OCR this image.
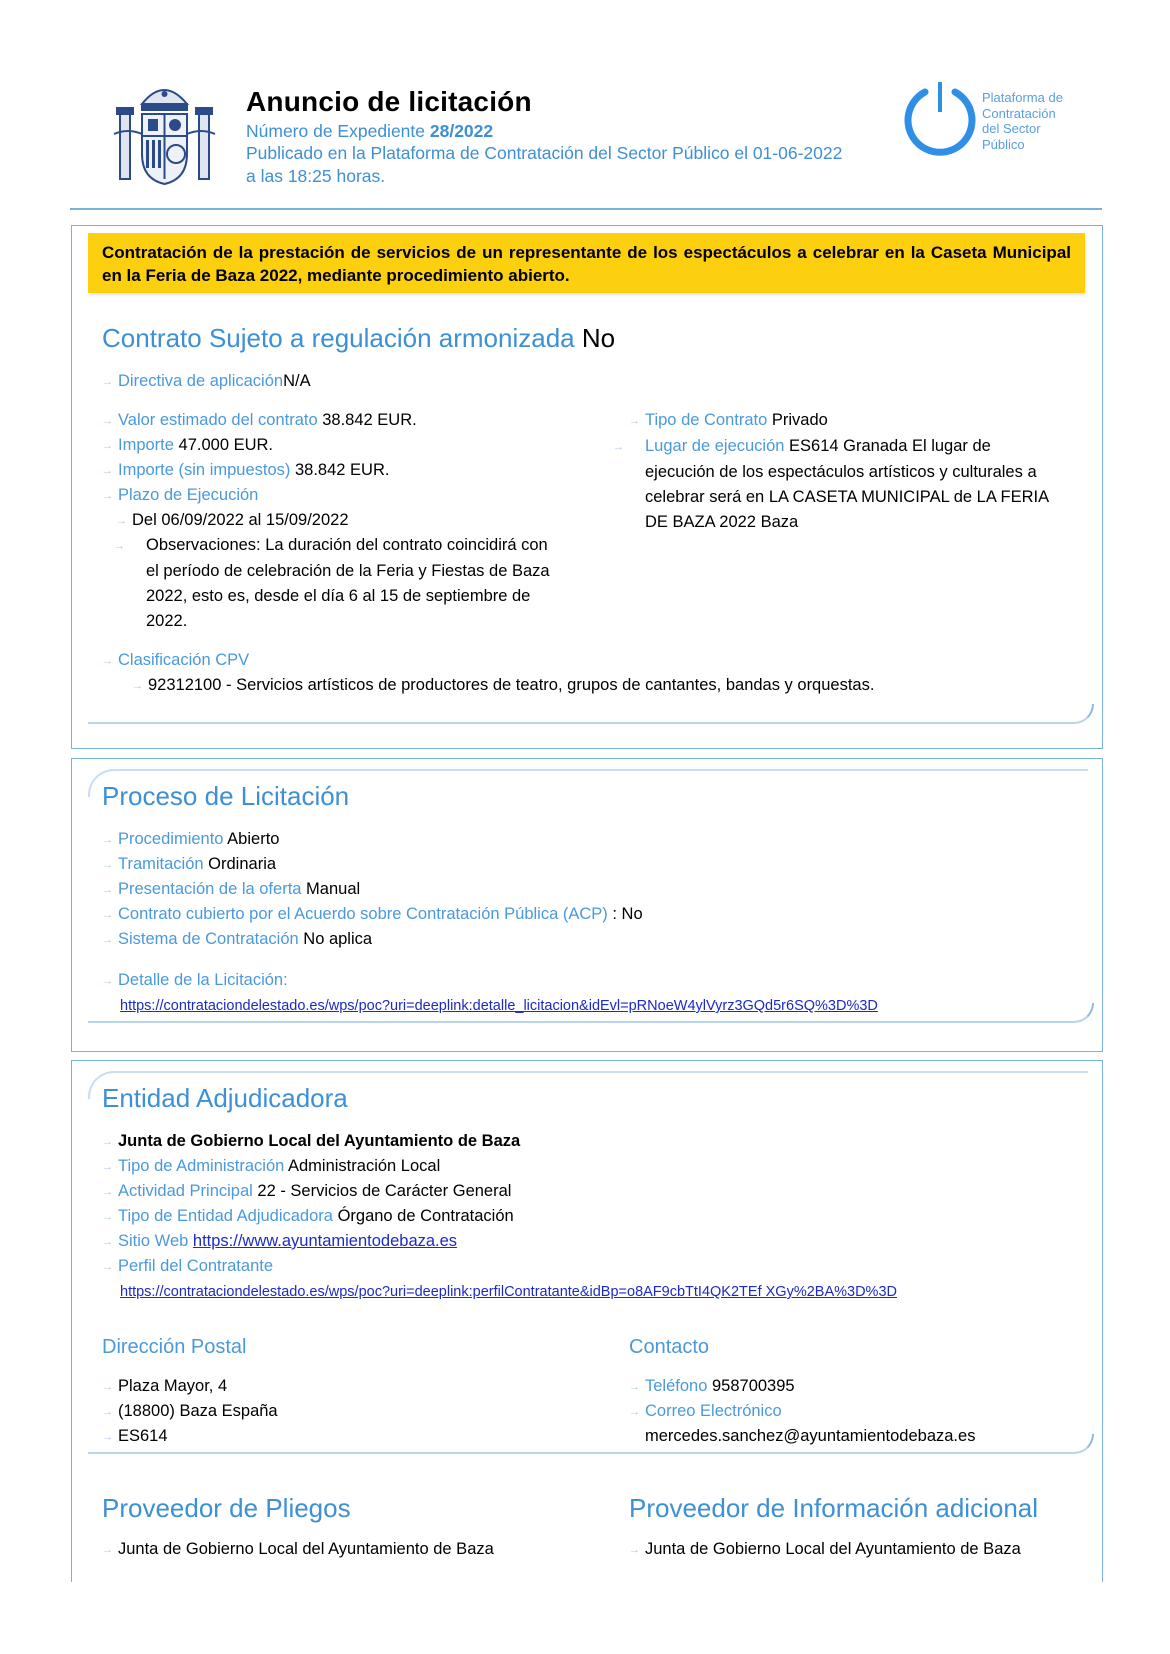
Anuncio de licitación
Número de Expediente 28/2022
Publicado en la Plataforma de Contratación del Sector Público el 01-06-2022
a las 18:25 horas.
Plataforma de
Contratación
del Sector
Público
Contratación de la prestación de servicios de un representante de los espectáculos a celebrar en la Caseta Municipal en la Feria de Baza 2022, mediante procedimiento abierto.
Contrato Sujeto a regulación armonizada No
→ Directiva de aplicaciónN/A
→ Valor estimado del contrato 38.842 EUR.
→ Importe 47.000 EUR.
→ Importe (sin impuestos) 38.842 EUR.
→ Plazo de Ejecución
→ Del 06/09/2022 al 15/09/2022
→ Observaciones: La duración del contrato coincidirá con el período de celebración de la Feria y Fiestas de Baza 2022, esto es, desde el día 6 al 15 de septiembre de 2022.
→ Tipo de Contrato Privado
→ Lugar de ejecución ES614 Granada El lugar de ejecución de los espectáculos artísticos y culturales a celebrar será en LA CASETA MUNICIPAL de LA FERIA DE BAZA 2022 Baza
→ Clasificación CPV
→ 92312100 - Servicios artísticos de productores de teatro, grupos de cantantes, bandas y orquestas.
Proceso de Licitación
→ Procedimiento Abierto
→ Tramitación Ordinaria
→ Presentación de la oferta Manual
→ Contrato cubierto por el Acuerdo sobre Contratación Pública (ACP) : No
→ Sistema de Contratación No aplica
→ Detalle de la Licitación:
https://contrataciondelestado.es/wps/poc?uri=deeplink:detalle_licitacion&idEvl=pRNoeW4ylVyrz3GQd5r6SQ%3D%3D
Entidad Adjudicadora
→ Junta de Gobierno Local del Ayuntamiento de Baza
→ Tipo de Administración Administración Local
→ Actividad Principal 22 - Servicios de Carácter General
→ Tipo de Entidad Adjudicadora Órgano de Contratación
→ Sitio Web https://www.ayuntamientodebaza.es
→ Perfil del Contratante
https://contrataciondelestado.es/wps/poc?uri=deeplink:perfilContratante&idBp=o8AF9cbTtI4QK2TEf XGy%2BA%3D%3D
Dirección Postal
→ Plaza Mayor, 4
→ (18800) Baza España
→ ES614
Contacto
→ Teléfono 958700395
→ Correo Electrónico
mercedes.sanchez@ayuntamientodebaza.es
Proveedor de Pliegos
→ Junta de Gobierno Local del Ayuntamiento de Baza
Proveedor de Información adicional
→ Junta de Gobierno Local del Ayuntamiento de Baza
